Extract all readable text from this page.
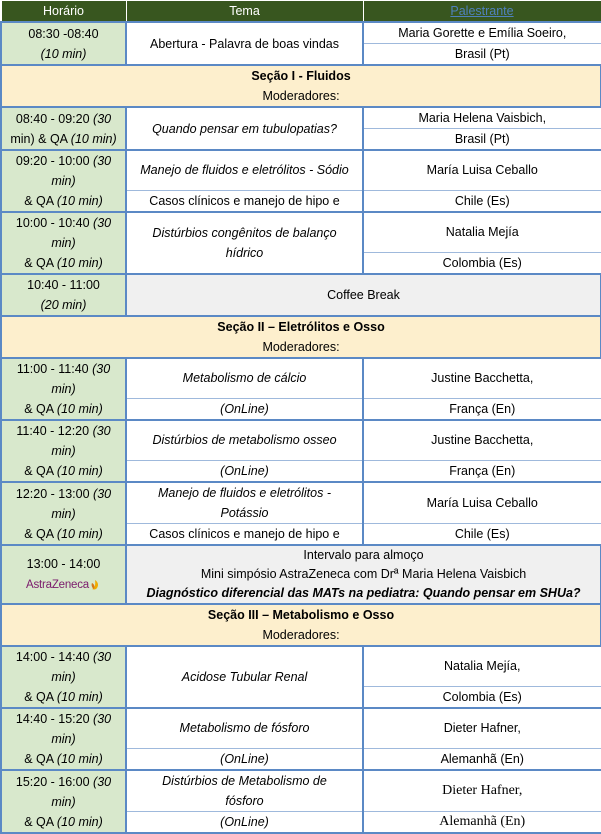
Horário	Tema	Palestrante

08:30 -08:40
(10 min)	Abertura - Palavra de boas vindas	Maria Gorette e Emília Soeiro,
		Brasil (Pt)
Seção I - Fluidos		
Moderadores:		

08:40 - 09:20 (30
min) & QA (10 min)	Quando pensar em tubulopatias?	Maria Helena Vaisbich,
		Brasil (Pt)

09:20 - 10:00 (30
min)
& QA (10 min)	Manejo de fluidos e eletrólitos - Sódio	María Luisa Ceballo
	Casos clínicos e manejo de hipo e	Chile (Es)

10:00 - 10:40 (30
min)
& QA (10 min)	Distúrbios congênitos de balanço
hídrico	Natalia Mejía
		Colombia (Es)

10:40 - 11:00
(20 min)	Coffee Break	
Seção II – Eletrólitos e Osso		
Moderadores:		

11:00 - 11:40 (30
min)
& QA (10 min)	Metabolismo de cálcio	Justine Bacchetta,
	(OnLine)	França (En)

11:40 - 12:20 (30
min)
& QA (10 min)	Distúrbios de metabolismo osseo	Justine Bacchetta,
	(OnLine)	França (En)

12:20 - 13:00 (30
min)
& QA (10 min)	Manejo de fluidos e eletrólitos -
Potássio	María Luisa Ceballo
	Casos clínicos e manejo de hipo e	Chile (Es)

13:00 - 14:00
AstraZeneca	Intervalo para almoço
Mini simpósio AstraZeneca com Drª Maria Helena Vaisbich
Diagnóstico diferencial das MATs na pediatra: Quando pensar em SHUa?	

Seção III – Metabolismo e Osso		
Moderadores:		

14:00 - 14:40 (30
min)
& QA (10 min)	Acidose Tubular Renal	Natalia Mejía,
		Colombia (Es)

14:40 - 15:20 (30
min)
& QA (10 min)	Metabolismo de fósforo	Dieter Hafner,
	(OnLine)	Alemanhã (En)

15:20 - 16:00 (30
min)
& QA (10 min)	Distúrbios de Metabolismo de
fósforo	Dieter Hafner,
	(OnLine)	Alemanhã (En)
